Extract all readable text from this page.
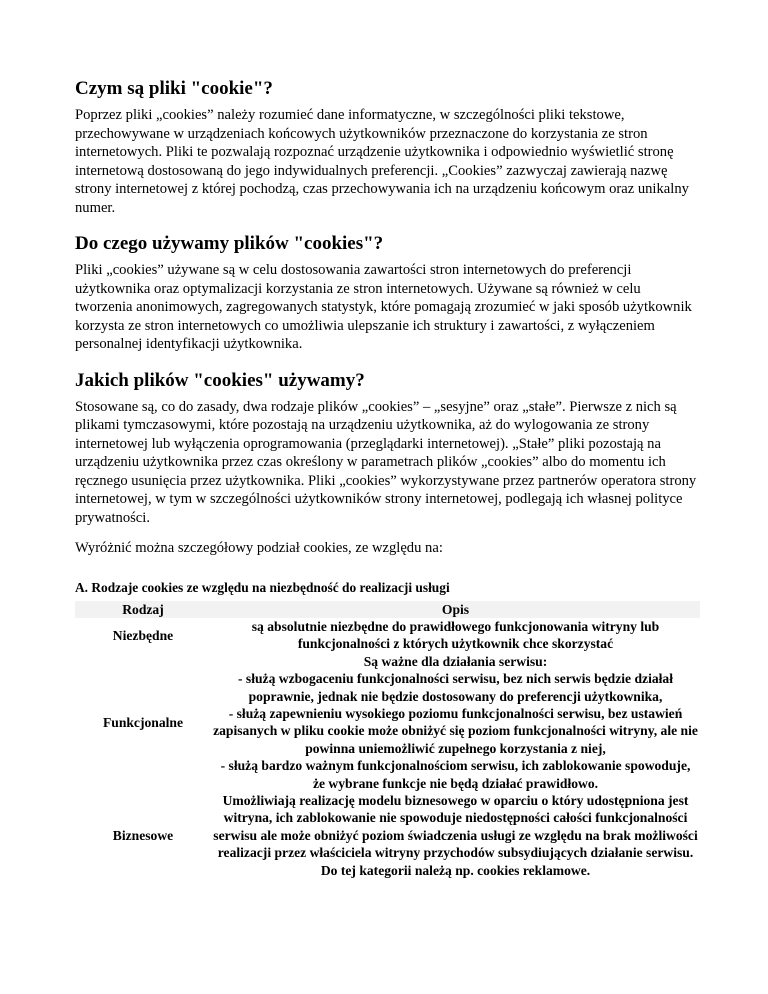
Czym są pliki "cookie"?

Poprzez pliki „cookies” należy rozumieć dane informatyczne, w szczególności pliki tekstowe, przechowywane w urządzeniach końcowych użytkowników przeznaczone do korzystania ze stron internetowych. Pliki te pozwalają rozpoznać urządzenie użytkownika i odpowiednio wyświetlić stronę internetową dostosowaną do jego indywidualnych preferencji. „Cookies” zazwyczaj zawierają nazwę strony internetowej z której pochodzą, czas przechowywania ich na urządzeniu końcowym oraz unikalny numer.

Do czego używamy plików "cookies"?

Pliki „cookies” używane są w celu dostosowania zawartości stron internetowych do preferencji użytkownika oraz optymalizacji korzystania ze stron internetowych. Używane są również w celu tworzenia anonimowych, zagregowanych statystyk, które pomagają zrozumieć w jaki sposób użytkownik korzysta ze stron internetowych co umożliwia ulepszanie ich struktury i zawartości, z wyłączeniem personalnej identyfikacji użytkownika.

Jakich plików "cookies" używamy?

Stosowane są, co do zasady, dwa rodzaje plików „cookies” – „sesyjne” oraz „stałe”. Pierwsze z nich są plikami tymczasowymi, które pozostają na urządzeniu użytkownika, aż do wylogowania ze strony internetowej lub wyłączenia oprogramowania (przeglądarki internetowej). „Stałe” pliki pozostają na urządzeniu użytkownika przez czas określony w parametrach plików „cookies” albo do momentu ich ręcznego usunięcia przez użytkownika. Pliki „cookies” wykorzystywane przez partnerów operatora strony internetowej, w tym w szczególności użytkowników strony internetowej, podlegają ich własnej polityce prywatności.

Wyróżnić można szczegółowy podział cookies, ze względu na:

A. Rodzaje cookies ze względu na niezbędność do realizacji usługi
Rodzaj	Opis
Niezbędne	są absolutnie niezbędne do prawidłowego funkcjonowania witryny lub funkcjonalności z których użytkownik chce skorzystać
Funkcjonalne	Są ważne dla działania serwisu:
- służą wzbogaceniu funkcjonalności serwisu, bez nich serwis będzie działał poprawnie, jednak nie będzie dostosowany do preferencji użytkownika,
- służą zapewnieniu wysokiego poziomu funkcjonalności serwisu, bez ustawień zapisanych w pliku cookie może obniżyć się poziom funkcjonalności witryny, ale nie powinna uniemożliwić zupełnego korzystania z niej,
- służą bardzo ważnym funkcjonalnościom serwisu, ich zablokowanie spowoduje, że wybrane funkcje nie będą działać prawidłowo.

Biznesowe	Umożliwiają realizację modelu biznesowego w oparciu o który udostępniona jest witryna, ich zablokowanie nie spowoduje niedostępności całości funkcjonalności serwisu ale może obniżyć poziom świadczenia usługi ze względu na brak możliwości realizacji przez właściciela witryny przychodów subsydiujących działanie serwisu. Do tej kategorii należą np. cookies reklamowe.
